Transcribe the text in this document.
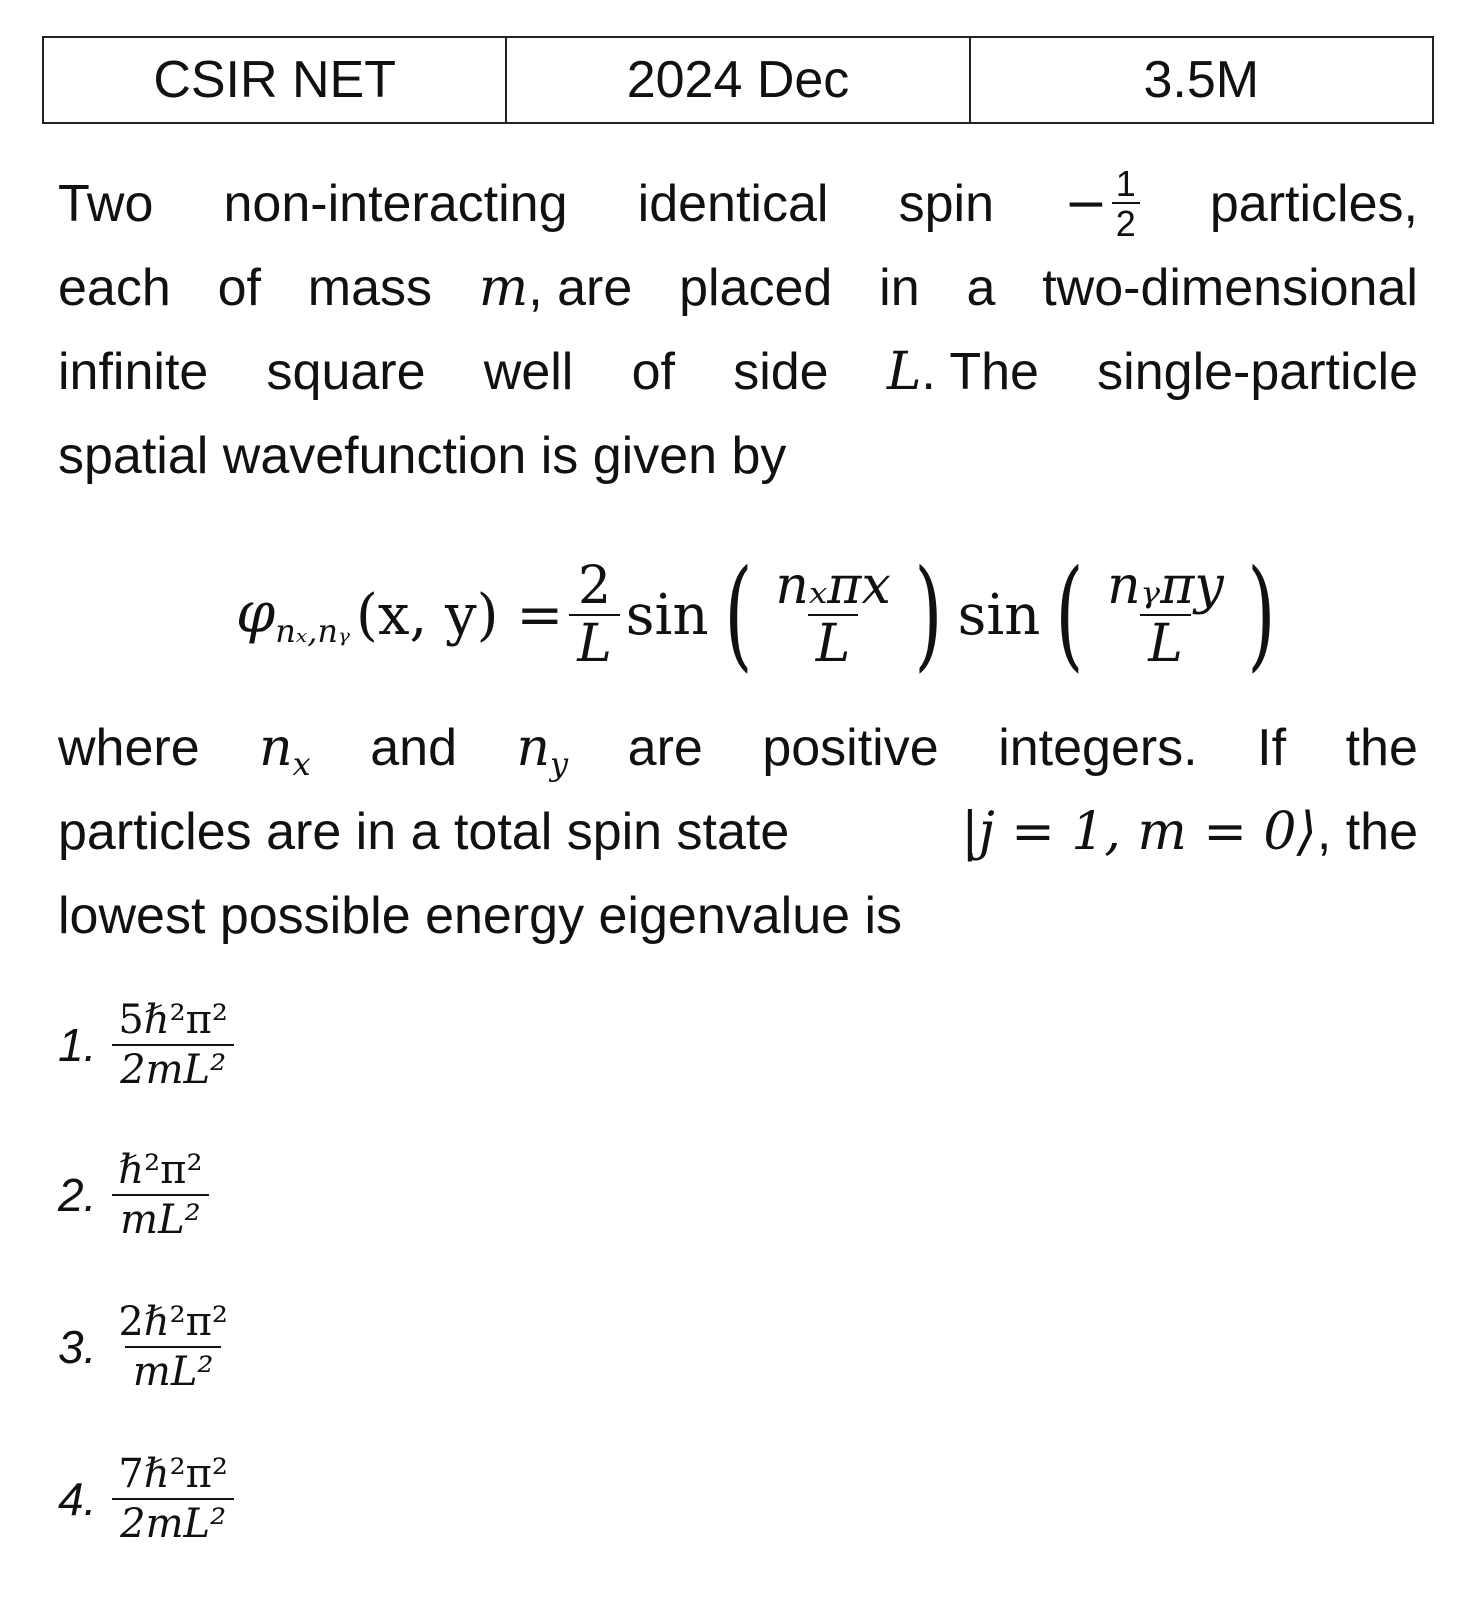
CSIR NET	2024 Dec	3.5M
Two non-interacting identical spin − $\frac{1}{2}$ particles,
each of mass m, are placed in a two-dimensional
infinite square well of side L. The single-particle
spatial wavefunction is given by
$\varphi_{n_x,nᵧ}$ (x, $y) = \frac{2}{L}$ sin ( $\frac{\text{nₓπx}}{L}$ ) sin ( $\frac{\text{nᵧπy}}{L}$ )
where $n_x$ and $n_y$ are positive integers. If the
particles are in a total spin state	|j = 1, m = 0⟩, the
lowest possible energy eigenvalue is
1. $\frac{\text{5ℏ²π²}}{\text{2mL²}}$
2. $\frac{\text{ℏ²π²}}{\text{mL²}}$
3. $\frac{\text{2ℏ²π²}}{\text{mL²}}$
4. $\frac{\text{7ℏ²π²}}{\text{2mL²}}$
